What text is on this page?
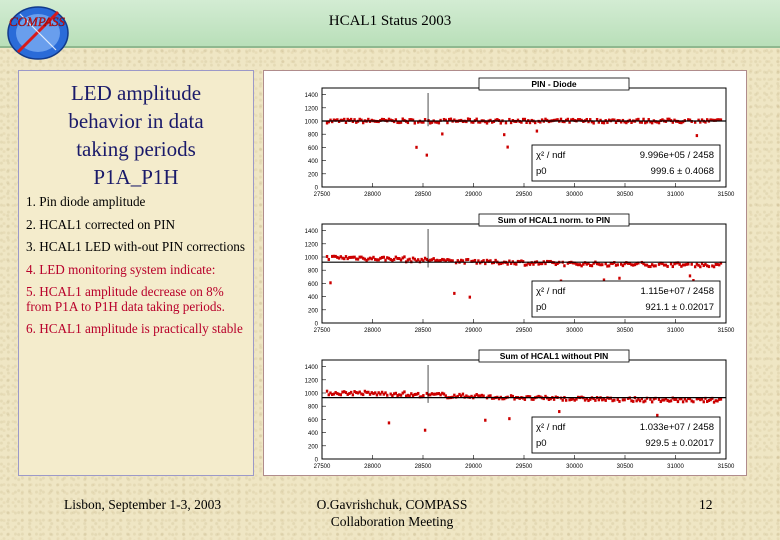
COMPASS	HCAL1 Status 2003
LED amplitude
behavior in data
taking periods
P1A_P1H
1. Pin diode amplitude
2. HCAL1 corrected on PIN
3. HCAL1 LED with-out PIN corrections
4. LED monitoring system indicate:
5. HCAL1 amplitude decrease on 8% from P1A to P1H data taking periods.
6. HCAL1 amplitude is practically stable
0
200
400
600
800
1000
1200
1400
27500	28000	28500	29000	29500	30000	30500	31000	31500
PIN - Diode
χ² / ndf	9.996e+05 / 2458
p0	999.6 ± 0.4068
0
200
400
600
800
1000
1200
1400
27500	28000	28500	29000	29500	30000	30500	31000	31500
Sum of HCAL1 norm. to PIN
χ² / ndf	1.115e+07 / 2458
p0	921.1 ± 0.02017
0
200
400
600
800
1000
1200
1400
27500	28000	28500	29000	29500	30000	30500	31000	31500
Sum of HCAL1 without PIN
χ² / ndf	1.033e+07 / 2458
p0	929.5 ± 0.02017
Lisbon, September 1-3, 2003	O.Gavrishchuk, COMPASS Collaboration Meeting
12
